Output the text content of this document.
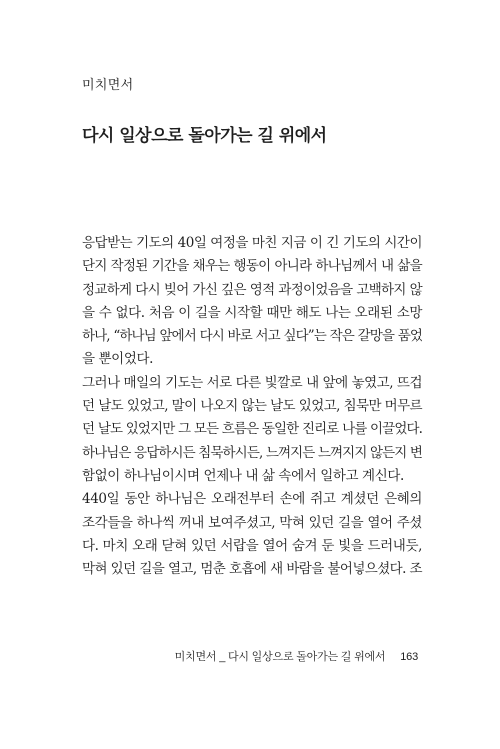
미치면서
다시 일상으로 돌아가는 길 위에서
응답받는 기도의 40일 여정을 마친 지금 이 긴 기도의 시간이
단지 작정된 기간을 채우는 행동이 아니라 하나님께서 내 삶을
정교하게 다시 빚어 가신 깊은 영적 과정이었음을 고백하지 않
을 수 없다. 처음 이 길을 시작할 때만 해도 나는 오래된 소망
하나, “하나님 앞에서 다시 바로 서고 싶다”는 작은 갈망을 품었
을 뿐이었다.
그러나 매일의 기도는 서로 다른 빛깔로 내 앞에 놓였고, 뜨겁
던 날도 있었고, 말이 나오지 않는 날도 있었고, 침묵만 머무르
던 날도 있었지만 그 모든 흐름은 동일한 진리로 나를 이끌었다.
하나님은 응답하시든 침묵하시든, 느껴지든 느껴지지 않든지 변
함없이 하나님이시며 언제나 내 삶 속에서 일하고 계신다.
440일 동안 하나님은 오래전부터 손에 쥐고 계셨던 은혜의
조각들을 하나씩 꺼내 보여주셨고, 막혀 있던 길을 열어 주셨
다. 마치 오래 닫혀 있던 서랍을 열어 숨겨 둔 빛을 드러내듯,
막혀 있던 길을 열고, 멈춘 호흡에 새 바람을 불어넣으셨다. 조
미치면서 _ 다시 일상으로 돌아가는 길 위에서 163
